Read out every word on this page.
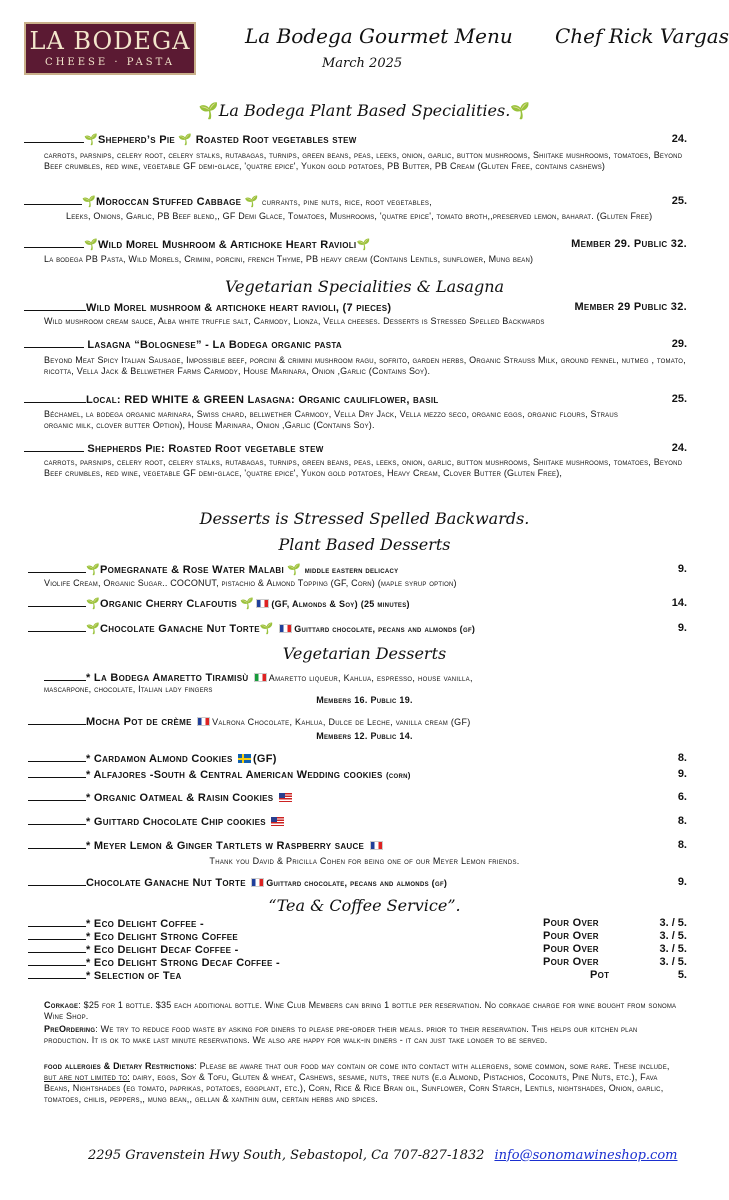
LA BODEGA
CHEESE · PASTA
La Bodega Gourmet Menu
March 2025
Chef Rick Vargas
🌱La Bodega Plant Based Specialities.🌱
🌱Shepherd’s Pie 🌱 Roasted Root vegetables stew	24.
carrots, parsnips, celery root, celery stalks, rutabagas, turnips, green beans, peas, leeks, onion, garlic, button mushrooms, Shiitake mushrooms, tomatoes, Beyond Beef crumbles, red wine, vegetable GF demi-glace, 'quatre epice', Yukon gold potatoes, PB Butter, PB Cream (Gluten Free, contains cashews)
🌱Moroccan Stuffed Cabbage 🌱 currants, pine nuts, rice, root vegetables,	25.
Leeks, Onions, Garlic, PB Beef blend,, GF Demi Glace, Tomatoes, Mushrooms, 'quatre epice', tomato broth,,preserved lemon, baharat. (Gluten Free)
🌱Wild Morel Mushroom & Artichoke Heart Ravioli🌱	Member 29. Public 32.
La bodega PB Pasta, Wild Morels, Crimini, porcini, french Thyme, PB heavy cream (Contains Lentils, sunflower, Mung bean)
Vegetarian Specialities & Lasagna
Wild Morel mushroom & artichoke heart ravioli, (7 pieces)	Member 29 Public 32.
Wild mushroom cream sauce, Alba white truffle salt, Carmody, Lionza, Vella cheeses. Desserts is Stressed Spelled Backwards
Lasagna “Bolognese” - La Bodega organic pasta	29.
Beyond Meat Spicy Italian Sausage, Impossible beef, porcini & crimini mushroom ragu, sofrito, garden herbs, Organic Strauss Milk, ground fennel, nutmeg , tomato, ricotta, Vella Jack & Bellwether Farms Carmody, House Marinara, Onion ,Garlic (Contains Soy).
Local: RED WHITE & GREEN Lasagna: Organic cauliflower, basil	25.
Béchamel, la bodega organic marinara, Swiss chard, bellwether Carmody, Vella Dry Jack, Vella mezzo seco, organic eggs, organic flours, Straus organic milk, clover butter Option), House Marinara, Onion ,Garlic (Contains Soy).
Shepherds Pie: Roasted Root vegetable stew	24.
carrots, parsnips, celery root, celery stalks, rutabagas, turnips, green beans, peas, leeks, onion, garlic, button mushrooms, Shiitake mushrooms, tomatoes, Beyond Beef crumbles, red wine, vegetable GF demi-glace, 'quatre epice', Yukon gold potatoes, Heavy Cream, Clover Butter (Gluten Free),
Desserts is Stressed Spelled Backwards.
Plant Based Desserts
🌱Pomegranate & Rose Water Malabi 🌱 middle eastern delicacy	9.
Violife Cream, Organic Sugar.. COCONUT, pistachio & Almond Topping (GF, Corn) (maple syrup option)
🌱Organic Cherry Clafoutis 🌱 (GF, Almonds & Soy) (25 minutes)	14.
🌱Chocolate Ganache Nut Torte🌱 Guittard chocolate, pecans and almonds (gf)	9.
Vegetarian Desserts
* La Bodega Amaretto Tiramisù Amaretto liqueur, Kahlua, espresso, house vanilla,
mascarpone, chocolate, Italian lady fingers
Members 16. Public 19.
Mocha Pot de crème Valrona Chocolate, Kahlua, Dulce de Leche, vanilla cream (GF)
Members 12. Public 14.
* Cardamon Almond Cookies (GF)	8.
* Alfajores -South & Central American Wedding cookies (corn)	9.
* Organic Oatmeal & Raisin Cookies	6.
* Guittard Chocolate Chip cookies	8.
* Meyer Lemon & Ginger Tartlets w Raspberry sauce	8.
Thank you David & Pricilla Cohen for being one of our Meyer Lemon friends.
Chocolate Ganache Nut Torte Guittard chocolate, pecans and almonds (gf)	9.
“Tea & Coffee Service”.
* Eco Delight Coffee -	Pour Over	3. / 5.
* Eco Delight Strong Coffee	Pour Over	3. / 5.
* Eco Delight Decaf Coffee -	Pour Over	3. / 5.
* Eco Delight Strong Decaf Coffee -	Pour Over	3. / 5.
* Selection of Tea	Pot	5.
Corkage: $25 for 1 bottle. $35 each additional bottle. Wine Club Members can bring 1 bottle per reservation. No corkage charge for wine bought from sonoma Wine Shop.
PreOrdering: We try to reduce food waste by asking for diners to please pre-order their meals. prior to their reservation. This helps our kitchen plan production. It is ok to make last minute reservations. We also are happy for walk-in diners - it can just take longer to be served.
food allergies & Dietary Restrictions: Please be aware that our food may contain or come into contact with allergens, some common, some rare. These include, but are not limited to: dairy, eggs, Soy & Tofu, Gluten & wheat, Cashews, sesame, nuts, tree nuts (e.g Almond, Pistachios, Coconuts, Pine Nuts, etc.), Fava Beans, Nightshades (eg tomato, paprikas, potatoes, eggplant, etc.), Corn, Rice & Rice Bran oil, Sunflower, Corn Starch, Lentils, nightshades, Onion, garlic, tomatoes, chilis, peppers,, mung bean,, gellan & xanthin gum, certain herbs and spices.
2295 Gravenstein Hwy South, Sebastopol, Ca 707-827-1832 info@sonomawineshop.com
